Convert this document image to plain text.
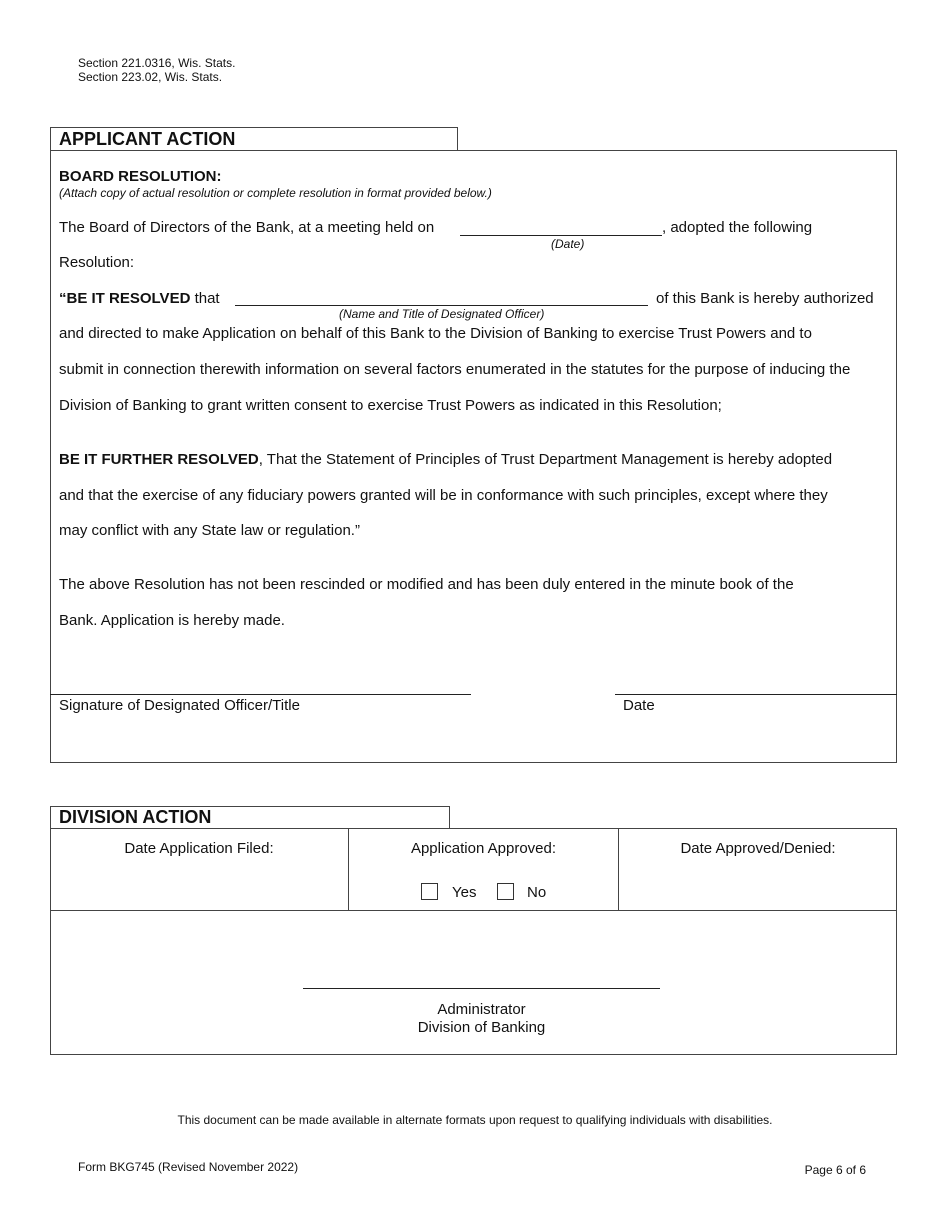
Section 221.0316, Wis. Stats.
Section 223.02, Wis. Stats.
APPLICANT ACTION
BOARD RESOLUTION:
(Attach copy of actual resolution or complete resolution in format provided below.)
The Board of Directors of the Bank, at a meeting held on	, adopted the following
(Date)
Resolution:
“BE IT RESOLVED that	of this Bank is hereby authorized
(Name and Title of Designated Officer)
and directed to make Application on behalf of this Bank to the Division of Banking to exercise Trust Powers and to
submit in connection therewith information on several factors enumerated in the statutes for the purpose of inducing the
Division of Banking to grant written consent to exercise Trust Powers as indicated in this Resolution;
BE IT FURTHER RESOLVED, That the Statement of Principles of Trust Department Management is hereby adopted
and that the exercise of any fiduciary powers granted will be in conformance with such principles, except where they
may conflict with any State law or regulation.”
The above Resolution has not been rescinded or modified and has been duly entered in the minute book of the
Bank. Application is hereby made.
Signature of Designated Officer/Title	Date
DIVISION ACTION
Date Application Filed:	Application Approved:	Date Approved/Denied:
Yes	No
Administrator
Division of Banking
This document can be made available in alternate formats upon request to qualifying individuals with disabilities.
Form BKG745 (Revised November 2022)	Page 6 of 6
